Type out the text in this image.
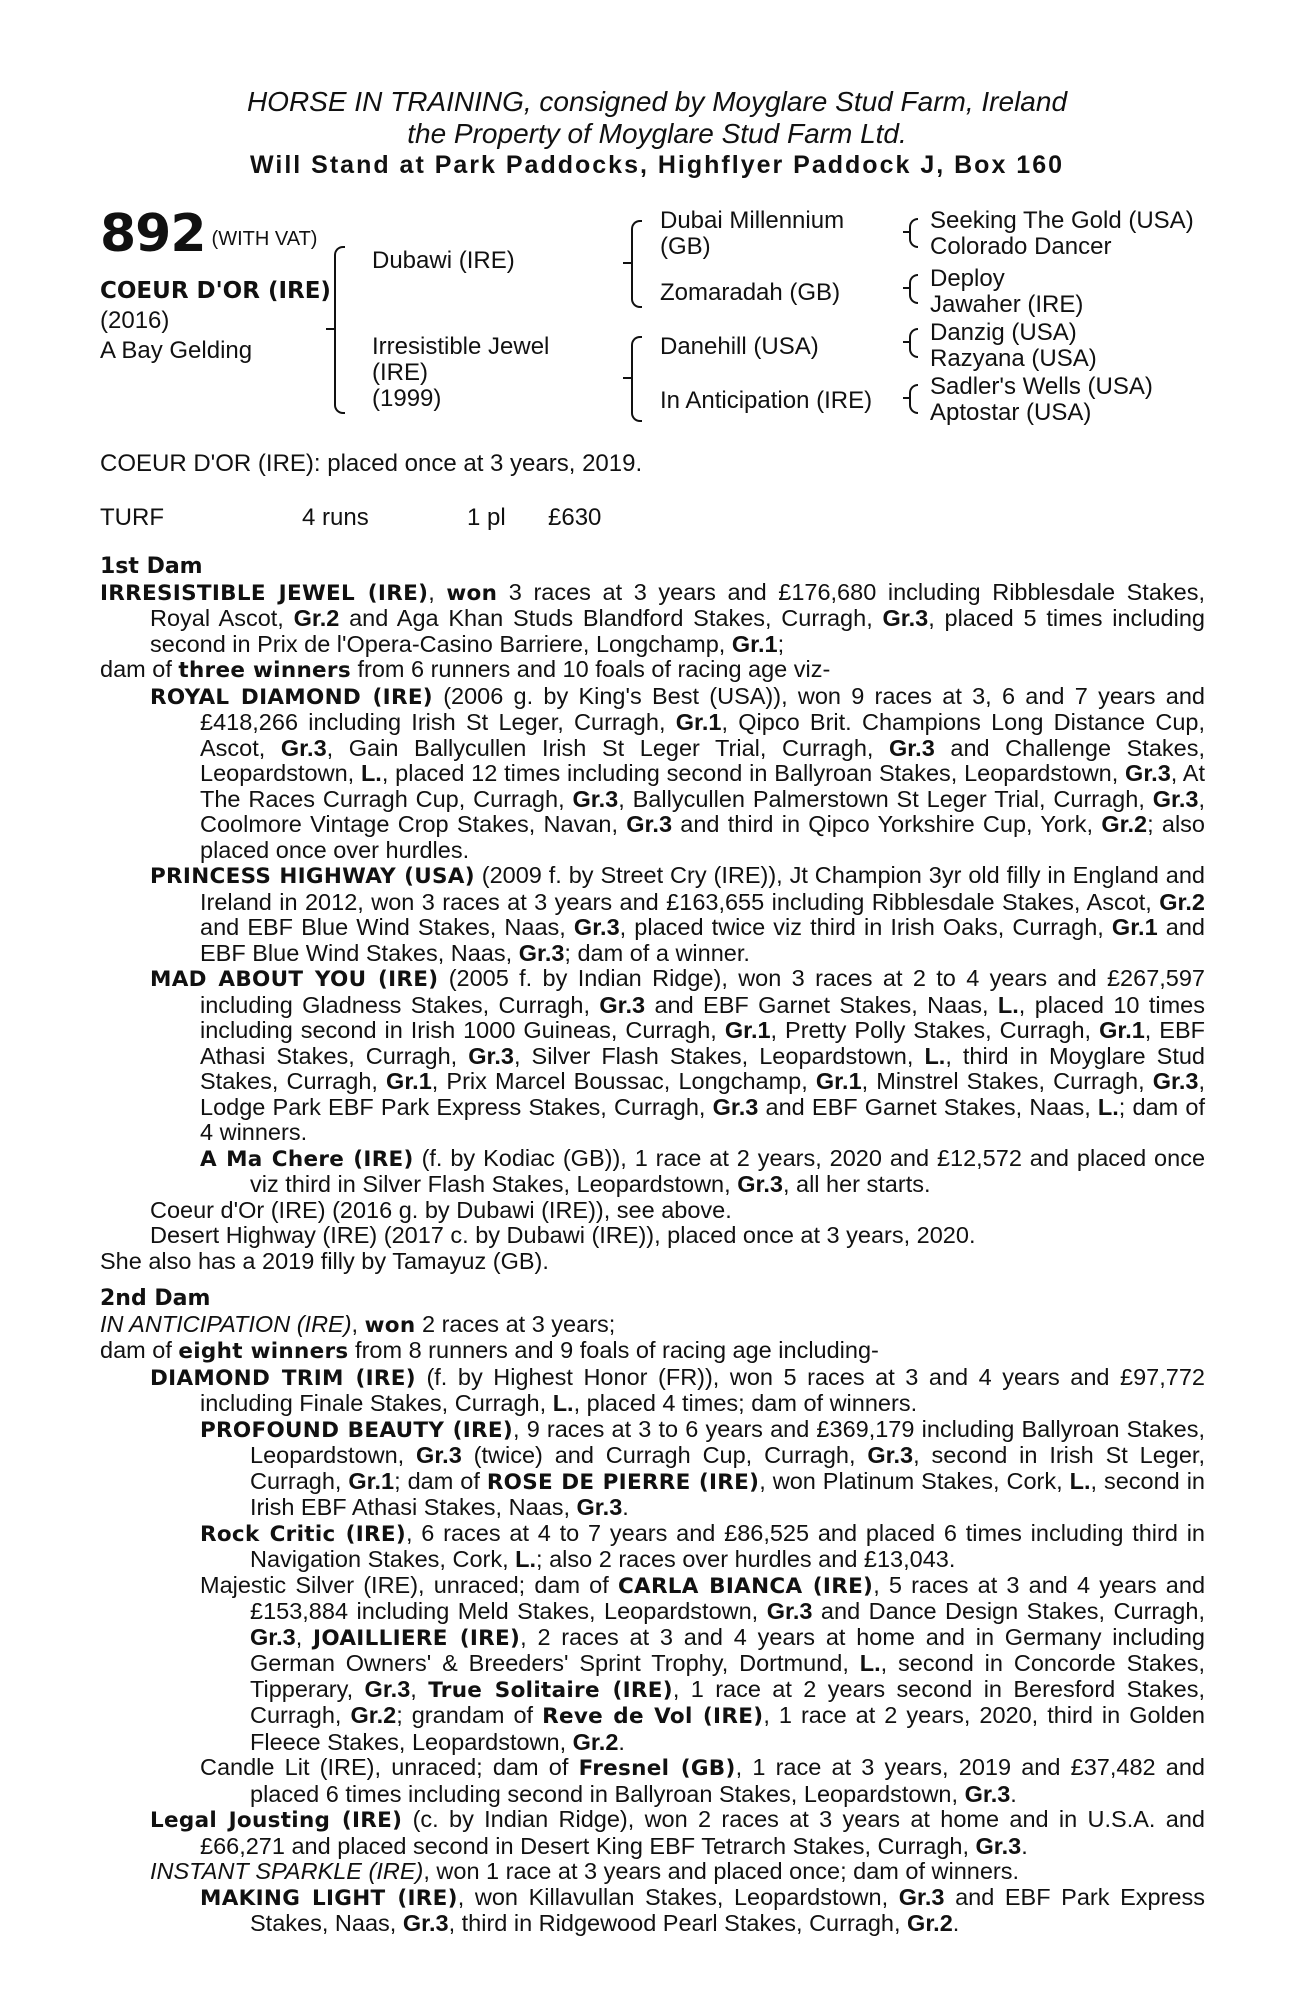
HORSE IN TRAINING, consigned by Moyglare Stud Farm, Ireland
the Property of Moyglare Stud Farm Ltd.
Will Stand at Park Paddocks, Highflyer Paddock J, Box 160
892 (WITH VAT)
COEUR D'OR (IRE)
(2016)
A Bay Gelding
Dubawi (IRE)
Irresistible Jewel
(IRE)
(1999)
Dubai Millennium
(GB)
Zomaradah (GB)
Danehill (USA)
In Anticipation (IRE)
Seeking The Gold (USA)
Colorado Dancer
Deploy
Jawaher (IRE)
Danzig (USA)
Razyana (USA)
Sadler's Wells (USA)
Aptostar (USA)
COEUR D'OR (IRE): placed once at 3 years, 2019.
TURF	4 runs	1 pl £630
1st Dam
IRRESISTIBLE JEWEL (IRE), won 3 races at 3 years and £176,680 including Ribblesdale Stakes, Royal Ascot, Gr.2 and Aga Khan Studs Blandford Stakes, Curragh, Gr.3, placed 5 times including second in Prix de l'Opera-Casino Barriere, Longchamp, Gr.1;
dam of three winners from 6 runners and 10 foals of racing age viz-
ROYAL DIAMOND (IRE) (2006 g. by King's Best (USA)), won 9 races at 3, 6 and 7 years and £418,266 including Irish St Leger, Curragh, Gr.1, Qipco Brit. Champions Long Distance Cup, Ascot, Gr.3, Gain Ballycullen Irish St Leger Trial, Curragh, Gr.3 and Challenge Stakes, Leopardstown, L., placed 12 times including second in Ballyroan Stakes, Leopardstown, Gr.3, At The Races Curragh Cup, Curragh, Gr.3, Ballycullen Palmerstown St Leger Trial, Curragh, Gr.3, Coolmore Vintage Crop Stakes, Navan, Gr.3 and third in Qipco Yorkshire Cup, York, Gr.2; also placed once over hurdles.
PRINCESS HIGHWAY (USA) (2009 f. by Street Cry (IRE)), Jt Champion 3yr old filly in England and Ireland in 2012, won 3 races at 3 years and £163,655 including Ribblesdale Stakes, Ascot, Gr.2 and EBF Blue Wind Stakes, Naas, Gr.3, placed twice viz third in Irish Oaks, Curragh, Gr.1 and EBF Blue Wind Stakes, Naas, Gr.3; dam of a winner.
MAD ABOUT YOU (IRE) (2005 f. by Indian Ridge), won 3 races at 2 to 4 years and £267,597 including Gladness Stakes, Curragh, Gr.3 and EBF Garnet Stakes, Naas, L., placed 10 times including second in Irish 1000 Guineas, Curragh, Gr.1, Pretty Polly Stakes, Curragh, Gr.1, EBF Athasi Stakes, Curragh, Gr.3, Silver Flash Stakes, Leopardstown, L., third in Moyglare Stud Stakes, Curragh, Gr.1, Prix Marcel Boussac, Longchamp, Gr.1, Minstrel Stakes, Curragh, Gr.3, Lodge Park EBF Park Express Stakes, Curragh, Gr.3 and EBF Garnet Stakes, Naas, L.; dam of 4 winners.
A Ma Chere (IRE) (f. by Kodiac (GB)), 1 race at 2 years, 2020 and £12,572 and placed once viz third in Silver Flash Stakes, Leopardstown, Gr.3, all her starts.
Coeur d'Or (IRE) (2016 g. by Dubawi (IRE)), see above.
Desert Highway (IRE) (2017 c. by Dubawi (IRE)), placed once at 3 years, 2020.
She also has a 2019 filly by Tamayuz (GB).
2nd Dam
IN ANTICIPATION (IRE), won 2 races at 3 years;
dam of eight winners from 8 runners and 9 foals of racing age including-
DIAMOND TRIM (IRE) (f. by Highest Honor (FR)), won 5 races at 3 and 4 years and £97,772 including Finale Stakes, Curragh, L., placed 4 times; dam of winners.
PROFOUND BEAUTY (IRE), 9 races at 3 to 6 years and £369,179 including Ballyroan Stakes, Leopardstown, Gr.3 (twice) and Curragh Cup, Curragh, Gr.3, second in Irish St Leger, Curragh, Gr.1; dam of ROSE DE PIERRE (IRE), won Platinum Stakes, Cork, L., second in Irish EBF Athasi Stakes, Naas, Gr.3.
Rock Critic (IRE), 6 races at 4 to 7 years and £86,525 and placed 6 times including third in Navigation Stakes, Cork, L.; also 2 races over hurdles and £13,043.
Majestic Silver (IRE), unraced; dam of CARLA BIANCA (IRE), 5 races at 3 and 4 years and £153,884 including Meld Stakes, Leopardstown, Gr.3 and Dance Design Stakes, Curragh, Gr.3, JOAILLIERE (IRE), 2 races at 3 and 4 years at home and in Germany including German Owners' & Breeders' Sprint Trophy, Dortmund, L., second in Concorde Stakes, Tipperary, Gr.3, True Solitaire (IRE), 1 race at 2 years second in Beresford Stakes, Curragh, Gr.2; grandam of Reve de Vol (IRE), 1 race at 2 years, 2020, third in Golden Fleece Stakes, Leopardstown, Gr.2.
Candle Lit (IRE), unraced; dam of Fresnel (GB), 1 race at 3 years, 2019 and £37,482 and placed 6 times including second in Ballyroan Stakes, Leopardstown, Gr.3.
Legal Jousting (IRE) (c. by Indian Ridge), won 2 races at 3 years at home and in U.S.A. and £66,271 and placed second in Desert King EBF Tetrarch Stakes, Curragh, Gr.3.
INSTANT SPARKLE (IRE), won 1 race at 3 years and placed once; dam of winners.
MAKING LIGHT (IRE), won Killavullan Stakes, Leopardstown, Gr.3 and EBF Park Express Stakes, Naas, Gr.3, third in Ridgewood Pearl Stakes, Curragh, Gr.2.
